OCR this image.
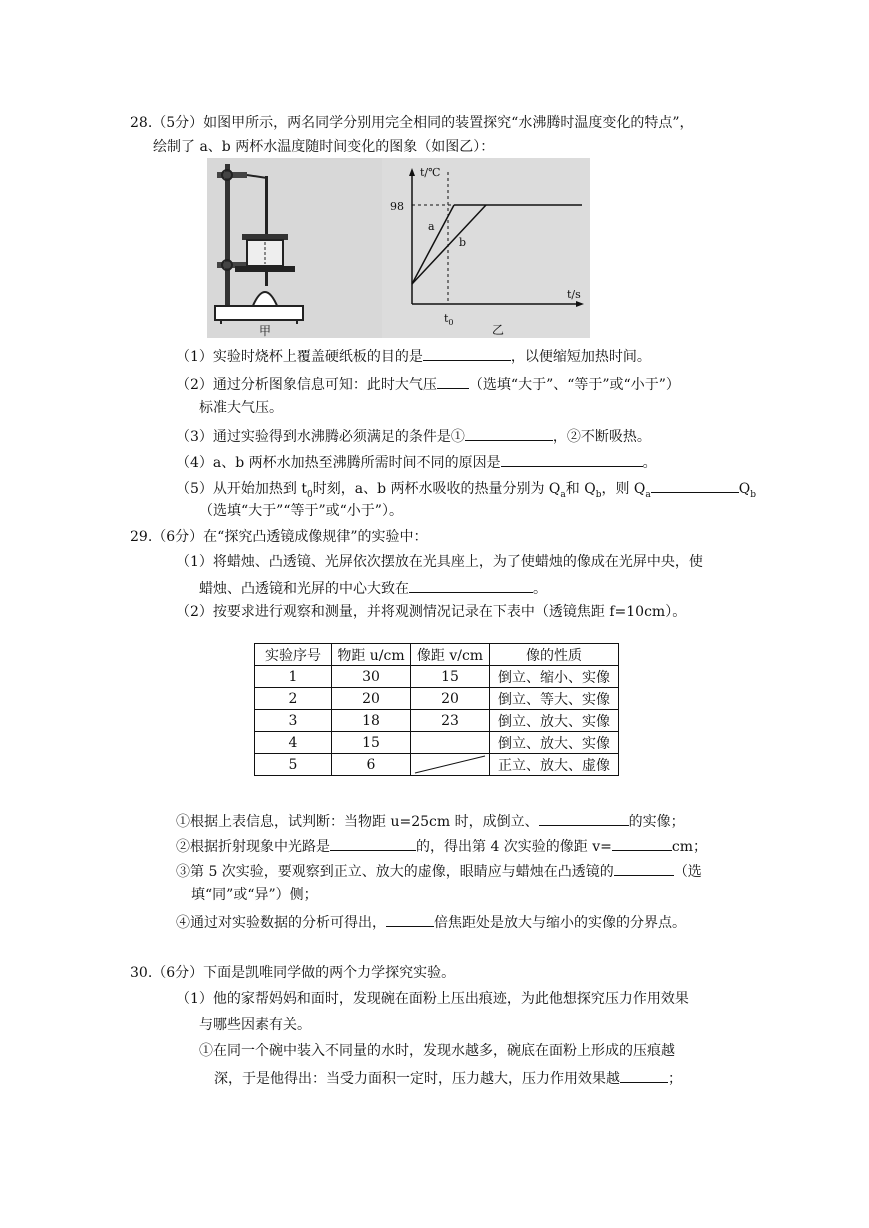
28.（5分）如图甲所示，两名同学分别用完全相同的装置探究“水沸腾时温度变化的特点”，
绘制了 a、b 两杯水温度随时间变化的图象（如图乙）：
甲
t/℃
t/s
98
$t_0$
a
b
乙
（1）实验时烧杯上覆盖硬纸板的目的是	，以便缩短加热时间。
（2）通过分析图象信息可知：此时大气压 （选填“大于”、“等于”或“小于”）
标准大气压。
（3）通过实验得到水沸腾必须满足的条件是①	，②不断吸热。
（4）a、b 两杯水加热至沸腾所需时间不同的原因是	。
（5）从开始加热到 $t_0$时刻，a、b 两杯水吸收的热量分别为 $Q_a$和 $Q_b$，则 $Q_a$	$Q_b$
（选填“大于”“等于”或“小于”）。
29.（6分）在“探究凸透镜成像规律”的实验中：
（1）将蜡烛、凸透镜、光屏依次摆放在光具座上，为了使蜡烛的像成在光屏中央，使
蜡烛、凸透镜和光屏的中心大致在	。
（2）按要求进行观察和测量，并将观测情况记录在下表中（透镜焦距 f=10cm）。
实验序号	物距 u/cm	像距 v/cm	像的性质
1	30	15	倒立、缩小、实像
2	20	20	倒立、等大、实像
3	18	23	倒立、放大、实像
4	15		倒立、放大、实像
5	6		正立、放大、虚像
①根据上表信息，试判断：当物距 u=25cm 时，成倒立、	的实像；
②根据折射现象中光路是	的，得出第 4 次实验的像距 v=	cm；
③第 5 次实验，要观察到正立、放大的虚像，眼睛应与蜡烛在凸透镜的	（选
填“同”或“异”）侧；
④通过对实验数据的分析可得出，	倍焦距处是放大与缩小的实像的分界点。
30.（6分）下面是凯唯同学做的两个力学探究实验。
（1）他的家帮妈妈和面时，发现碗在面粉上压出痕迹，为此他想探究压力作用效果
与哪些因素有关。
①在同一个碗中装入不同量的水时，发现水越多，碗底在面粉上形成的压痕越
深，于是他得出：当受力面积一定时，压力越大，压力作用效果越	；
